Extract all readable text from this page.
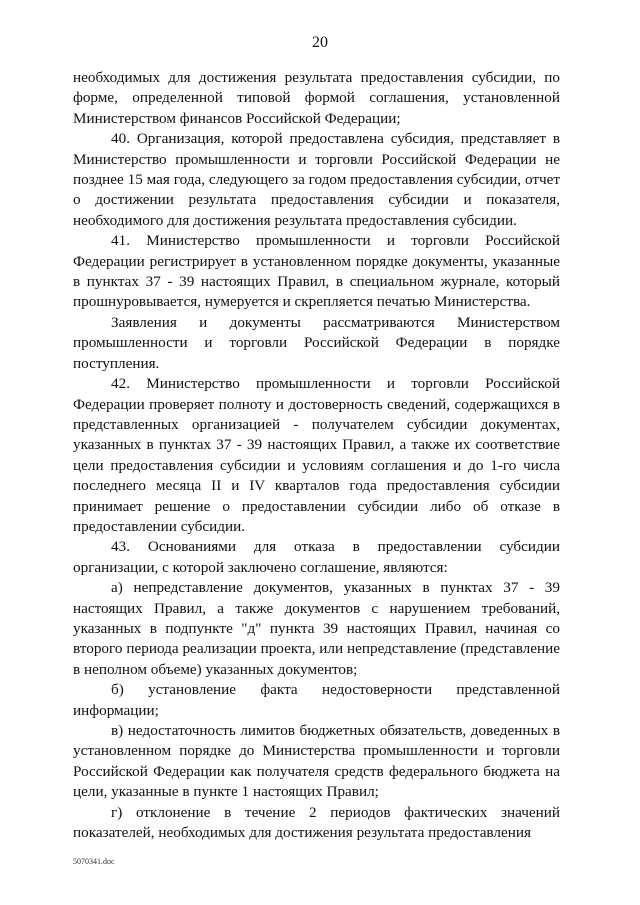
20

необходимых для достижения результата предоставления субсидии, по форме, определенной типовой формой соглашения, установленной Министерством финансов Российской Федерации;

40. Организация, которой предоставлена субсидия, представляет в Министерство промышленности и торговли Российской Федерации не позднее 15 мая года, следующего за годом предоставления субсидии, отчет о достижении результата предоставления субсидии и показателя, необходимого для достижения результата предоставления субсидии.

41. Министерство промышленности и торговли Российской Федерации регистрирует в установленном порядке документы, указанные в пунктах 37 - 39 настоящих Правил, в специальном журнале, который прошнуровывается, нумеруется и скрепляется печатью Министерства.

Заявления и документы рассматриваются Министерством промышленности и торговли Российской Федерации в порядке поступления.

42. Министерство промышленности и торговли Российской Федерации проверяет полноту и достоверность сведений, содержащихся в представленных организацией - получателем субсидии документах, указанных в пунктах 37 - 39 настоящих Правил, а также их соответствие цели предоставления субсидии и условиям соглашения и до 1-го числа последнего месяца II и IV кварталов года предоставления субсидии принимает решение о предоставлении субсидии либо об отказе в предоставлении субсидии.

43. Основаниями для отказа в предоставлении субсидии организации, с которой заключено соглашение, являются:

а) непредставление документов, указанных в пунктах 37 - 39 настоящих Правил, а также документов с нарушением требований, указанных в подпункте "д" пункта 39 настоящих Правил, начиная со второго периода реализации проекта, или непредставление (представление в неполном объеме) указанных документов;

б) установление факта недостоверности представленной информации;

в) недостаточность лимитов бюджетных обязательств, доведенных в установленном порядке до Министерства промышленности и торговли Российской Федерации как получателя средств федерального бюджета на цели, указанные в пункте 1 настоящих Правил;

г) отклонение в течение 2 периодов фактических значений показателей, необходимых для достижения результата предоставления

5070341.doc
